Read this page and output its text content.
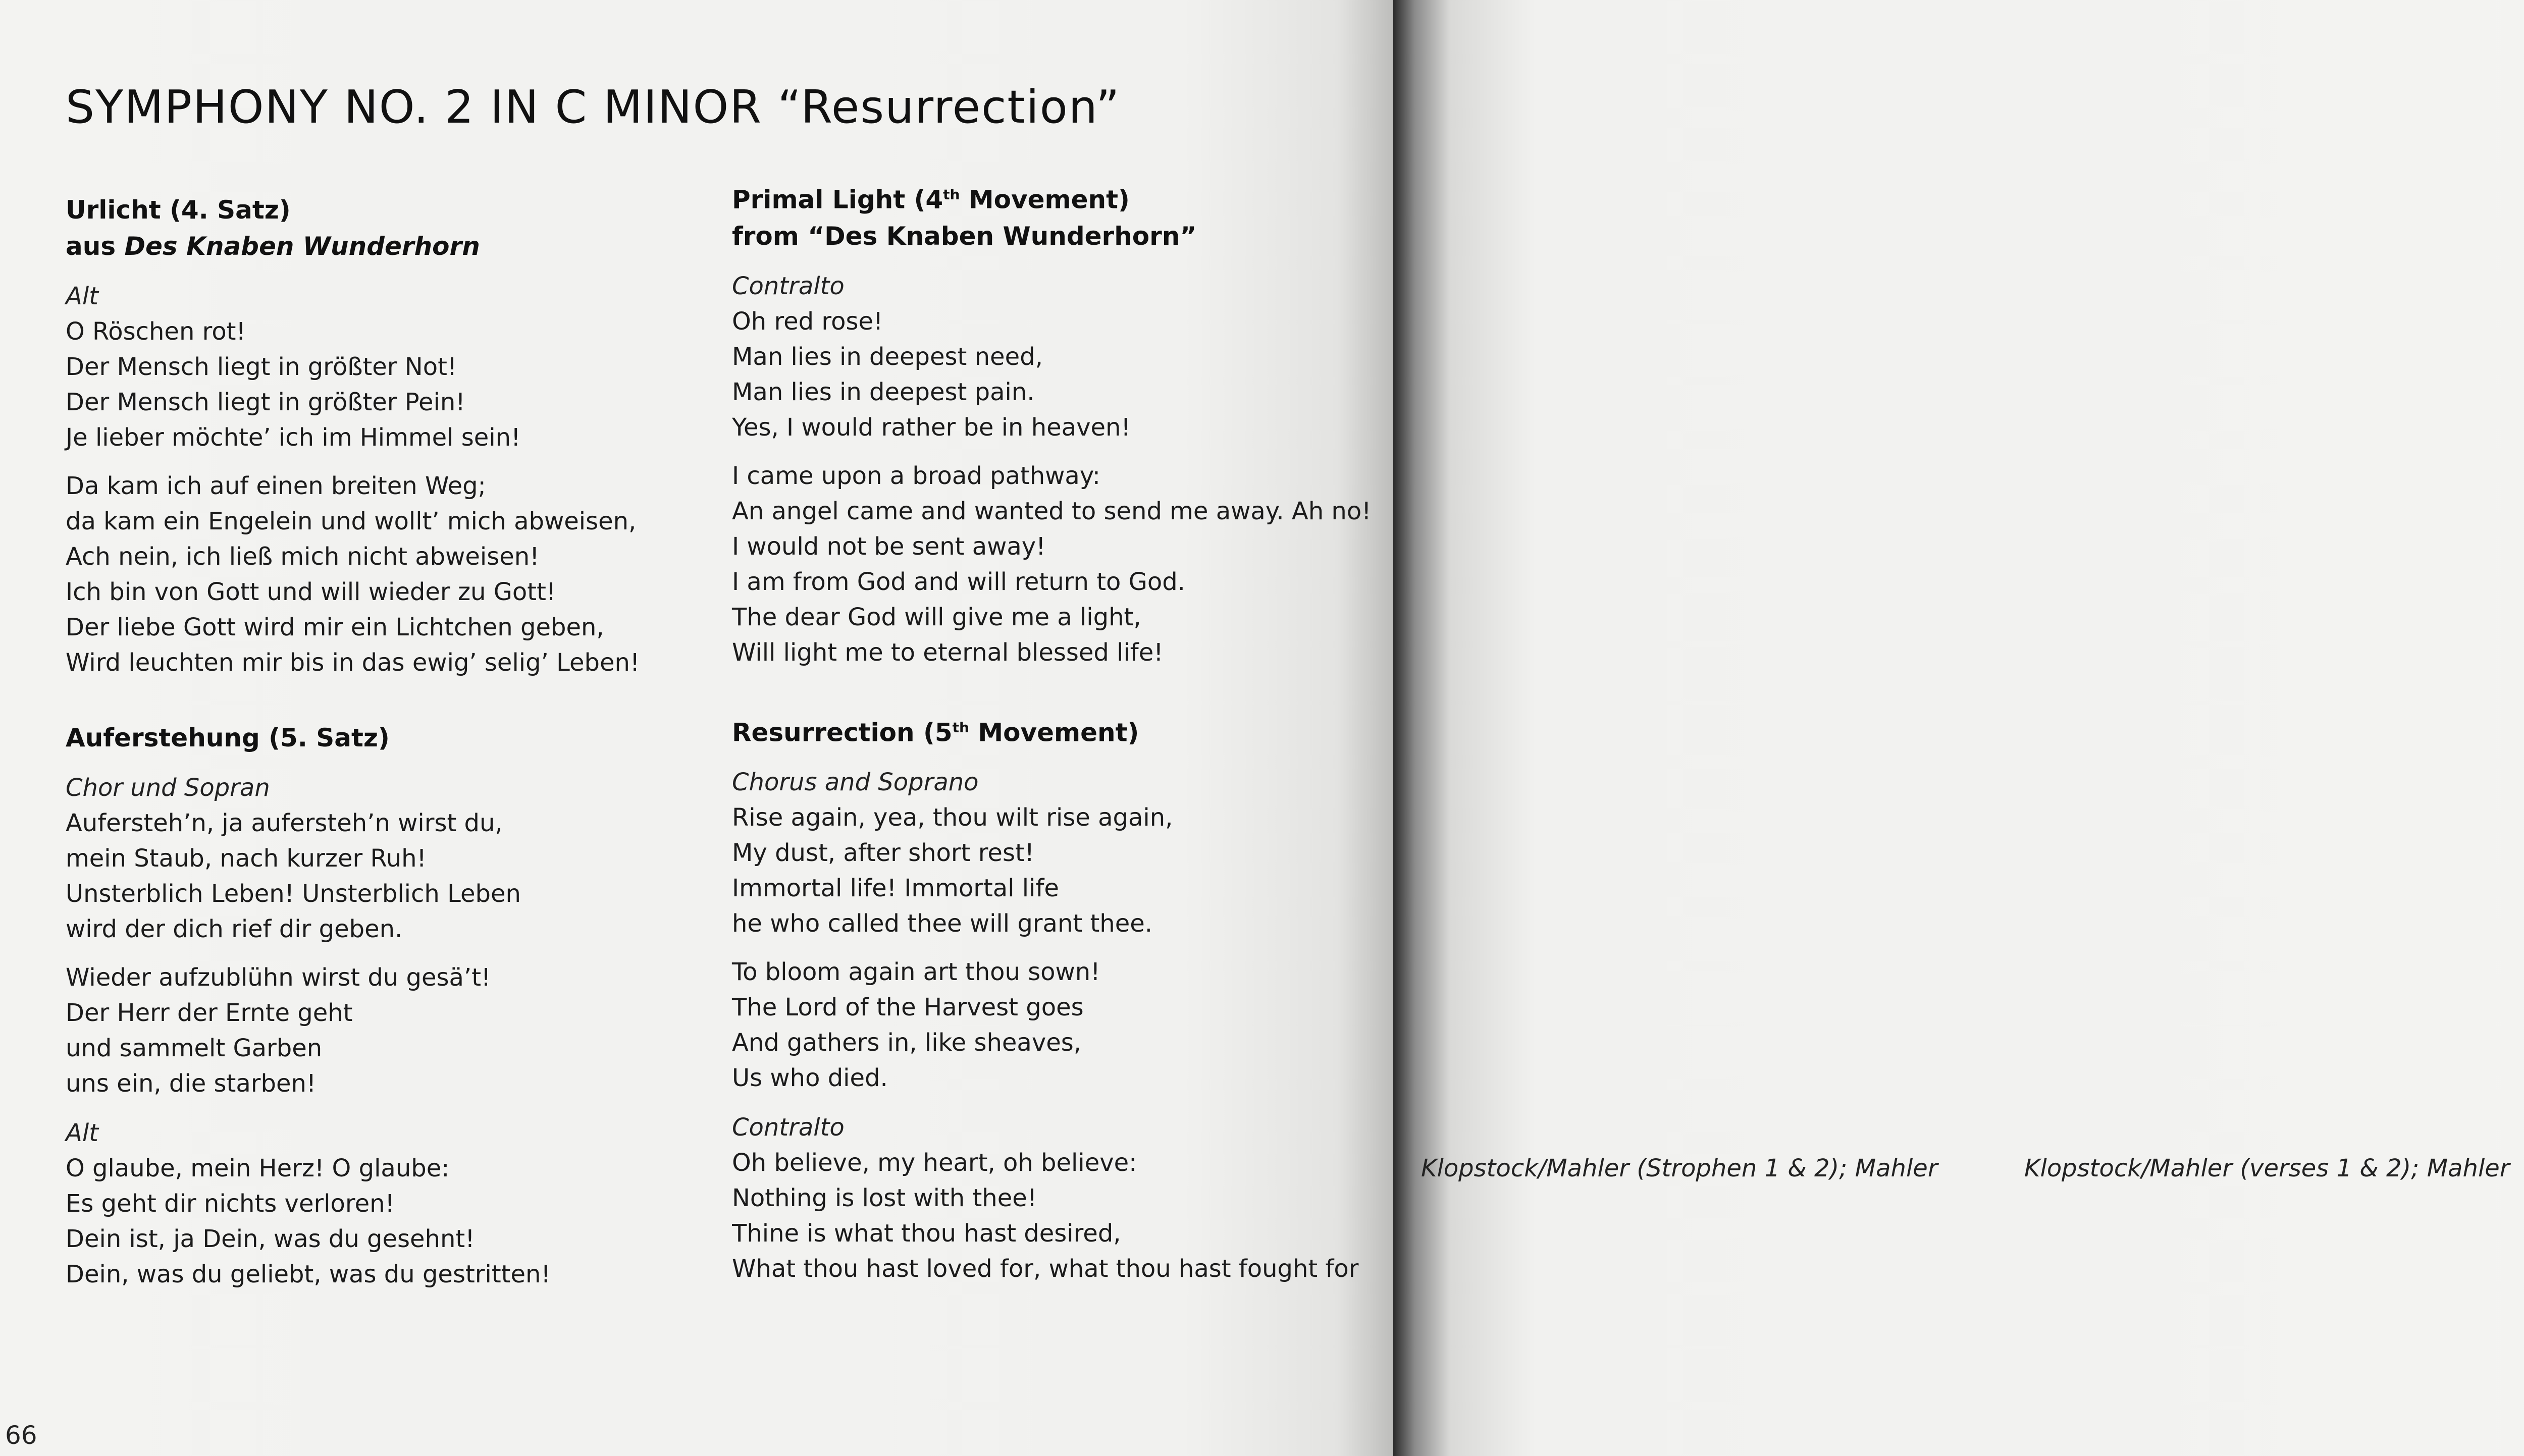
SYMPHONY NO. 2 IN C MINOR “Resurrection”
Urlicht (4. Satz)
aus Des Knaben Wunderhorn
Alt
O Röschen rot!
Der Mensch liegt in größter Not!
Der Mensch liegt in größter Pein!
Je lieber möchte’ ich im Himmel sein!
Da kam ich auf einen breiten Weg;
da kam ein Engelein und wollt’ mich abweisen,
Ach nein, ich ließ mich nicht abweisen!
Ich bin von Gott und will wieder zu Gott!
Der liebe Gott wird mir ein Lichtchen geben,
Wird leuchten mir bis in das ewig’ selig’ Leben!
Auferstehung (5. Satz)
Chor und Sopran
Aufersteh’n, ja aufersteh’n wirst du,
mein Staub, nach kurzer Ruh!
Unsterblich Leben! Unsterblich Leben
wird der dich rief dir geben.
Wieder aufzublühn wirst du gesä’t!
Der Herr der Ernte geht
und sammelt Garben
uns ein, die starben!
Alt
O glaube, mein Herz! O glaube:
Es geht dir nichts verloren!
Dein ist, ja Dein, was du gesehnt!
Dein, was du geliebt, was du gestritten!
Primal Light (4th Movement)
from “Des Knaben Wunderhorn”
Contralto
Oh red rose!
Man lies in deepest need,
Man lies in deepest pain.
Yes, I would rather be in heaven!
I came upon a broad pathway:
An angel came and wanted to send me away. Ah no!
I would not be sent away!
I am from God and will return to God.
The dear God will give me a light,
Will light me to eternal blessed life!
Resurrection (5th Movement)
Chorus and Soprano
Rise again, yea, thou wilt rise again,
My dust, after short rest!
Immortal life! Immortal life
he who called thee will grant thee.
To bloom again art thou sown!
The Lord of the Harvest goes
And gathers in, like sheaves,
Us who died.
Contralto
Oh believe, my heart, oh believe:
Nothing is lost with thee!
Thine is what thou hast desired,
What thou hast loved for, what thou hast fought for
66
Klopstock/Mahler (Strophen 1 & 2); Mahler	Klopstock/Mahler (verses 1 & 2); Mahler
